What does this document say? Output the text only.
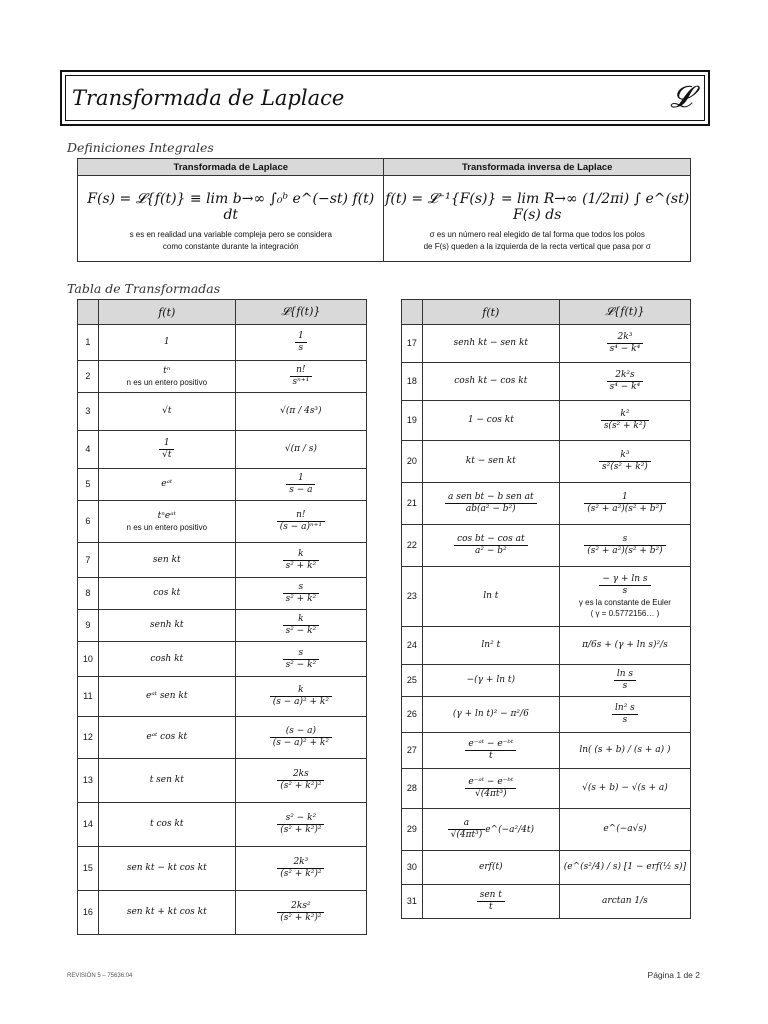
Transformada de Laplace	𝓛
Definiciones Integrales
Transformada de Laplace	Transformada inversa de Laplace

F(s) = 𝓛{f(t)} ≡ lim b→∞ ∫₀ᵇ e^(−st) f(t) dt
s es en realidad una variable compleja pero se considera
como constante durante la integración	f(t) = 𝓛⁻¹{F(s)} = lim R→∞ (1/2πi) ∫ e^(st) F(s) ds
σ es un número real elegido de tal forma que todos los polos
de F(s) queden a la izquierda de la recta vertical que pasa por σ
Tabla de Transformadas
	f(t)	𝓛{f(t)}
1	1	$\frac{1}{s}$

2	tⁿ
n es un entero positivo	$\frac{n!}{\text{sⁿ⁺¹}}$

3	√t	√(π / 4s³)
4	$\frac{1}{√t}$	√(π / s)
5	eᵃᵗ	$\frac{1}{s - a}$

6	tⁿeᵃᵗ
n es un entero positivo	$\frac{n!}{\text{(s − a)ⁿ⁺¹}}$

7	sen kt	$\frac{k}{\text{s² + k²}}$

8	cos kt	$\frac{s}{\text{s² + k²}}$

9	senh kt	$\frac{k}{\text{s² − k²}}$

10	cosh kt	$\frac{s}{\text{s² − k²}}$

11	eᵃᵗ sen kt	$\frac{k}{\text{(s − a)² + k²}}$

12	eᵃᵗ cos kt	$\frac{(s - a)}{\text{(s − a)² + k²}}$

13	t sen kt	$\frac{2ks}{\text{(s² + k²)²}}$

14	t cos kt	$\frac{\text{s² − k²}}{\text{(s² + k²)²}}$

15	sen kt − kt cos kt	$\frac{\text{2k³}}{\text{(s² + k²)²}}$

16	sen kt + kt cos kt	$\frac{\text{2ks²}}{\text{(s² + k²)²}}$
	f(t)	𝓛{f(t)}
17	senh kt − sen kt	$\frac{\text{2k³}}{\text{s⁴ − k⁴}}$

18	cosh kt − cos kt	$\frac{\text{2k²s}}{\text{s⁴ − k⁴}}$

19	1 − cos kt	$\frac{\text{k²}}{\text{s(s² + k²)}}$

20	kt − sen kt	$\frac{\text{k³}}{\text{s²(s² + k²)}}$

21	$\frac{\text{a sen bt − b sen at}}{\text{ab(a² − b²)}}$	$\frac{1}{\text{(s² + a²)(s² + b²)}}$

22	$\frac{\text{cos bt − cos at}}{\text{a² − b²}}$	$\frac{s}{\text{(s² + a²)(s² + b²)}}$

23	ln t	$\frac{\text{− γ + ln s}}{s}$
γ es la constante de Euler
( γ = 0.5772156… )

24	ln² t	π/6s + (γ + ln s)²/s
25	−(γ + ln t)	$\frac{\text{ln s}}{s}$

26	(γ + ln t)² − π²/6	$\frac{\text{ln² s}}{s}$

27	$\frac{\text{e⁻ᵃᵗ − e⁻ᵇᵗ}}{t}$	ln( (s + b) / (s + a) )
28	$\frac{\text{e⁻ᵃᵗ − e⁻ᵇᵗ}}{\text{√(4πt³)}}$	√(s + b) − √(s + a)
29	$\frac{a}{\text{√(4πt³)}}$ e^(−a²/4t)	e^(−a√s)
30	erf(t)	(e^(s²/4) / s) [1 − erf(½ s)]
31	$\frac{\text{sen t}}{t}$	arctan 1/s
REVISIÓN 5 – 75636.04	Página 1 de 2
